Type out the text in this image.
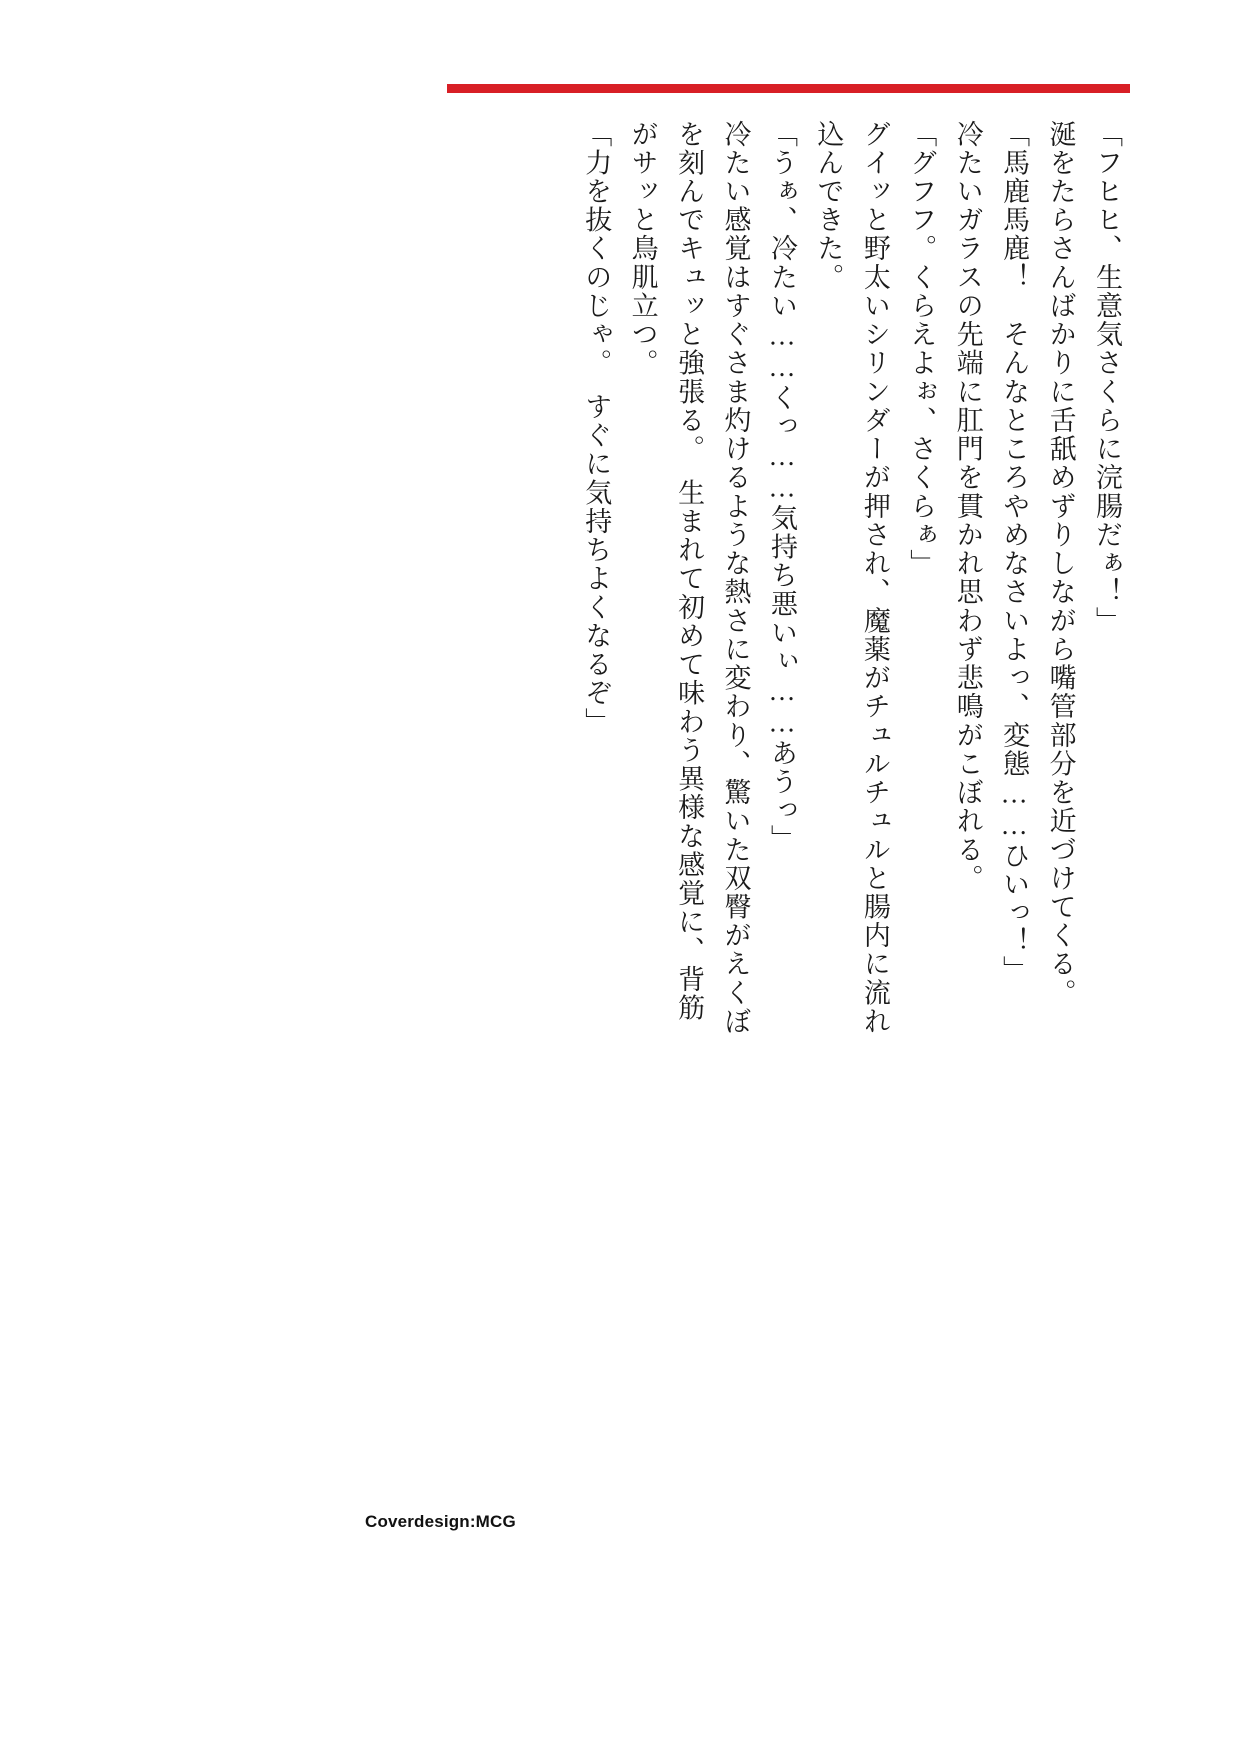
「フヒヒ、生意気さくらに浣腸だぁ！」

涎をたらさんばかりに舌舐めずりしながら嘴管部分を近づけてくる。

「馬鹿馬鹿！　そんなところやめなさいよっ、変態……ひいっ！」

冷たいガラスの先端に肛門を貫かれ思わず悲鳴がこぼれる。

「グフフ。くらえよぉ、さくらぁ」

グイッと野太いシリンダーが押され、魔薬がチュルチュルと腸内に流れ込んできた。

「うぁ、冷たい……くっ……気持ち悪いぃ……あうっ」

冷たい感覚はすぐさま灼けるような熱さに変わり、驚いた双臀がえくぼを刻んでキュッと強張る。　生まれて初めて味わう異様な感覚に、背筋がサッと鳥肌立つ。

「力を抜くのじゃ。　すぐに気持ちよくなるぞ」

Coverdesign:MCG
